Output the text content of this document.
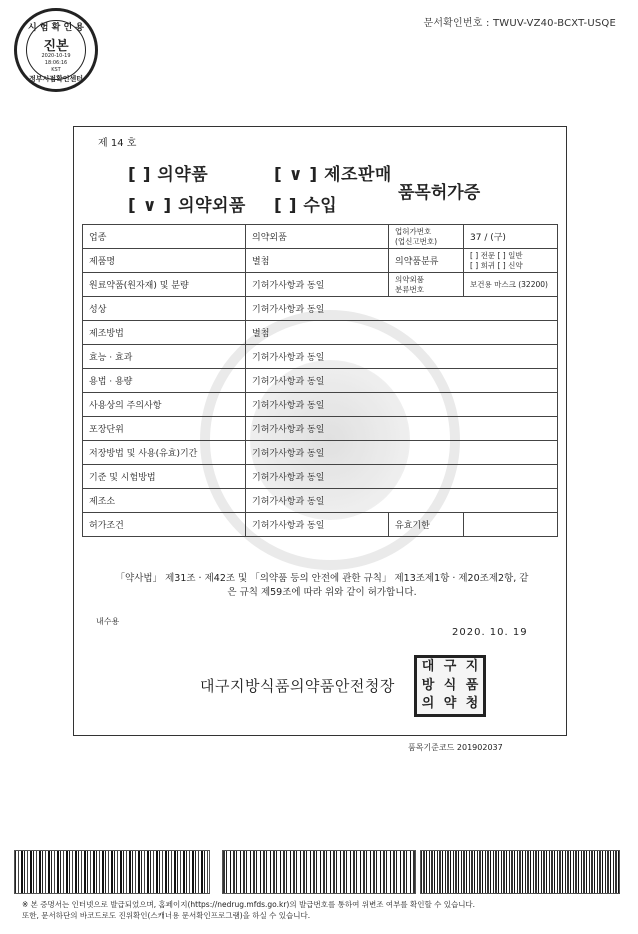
시 험 확 인 용
진본
2020-10-19
18:06:16
KST
정부시점확인센터
문서확인번호 : TWUV-VZ40-BCXT-USQE
제 14 호
[ ] 의약품	[ ∨ ] 제조판매
[ ∨ ] 의약외품 [ ] 수입
품목허가증
업종	의약외품	업허가번호
(업신고번호)	37 / (구)
제품명	별첨	의약품분류	[ ] 전문 [ ] 일반
[ ] 희귀 [ ] 신약

원료약품(원자재) 및 분량	기허가사항과 동일	의약외품
분류번호	보건용 마스크 (32200)
성상	기허가사항과 동일		
제조방법	별첨		
효능 · 효과	기허가사항과 동일		
용법 · 용량	기허가사항과 동일		
사용상의 주의사항	기허가사항과 동일		
포장단위	기허가사항과 동일		
저장방법 및 사용(유효)기간	기허가사항과 동일		
기준 및 시험방법	기허가사항과 동일		
제조소	기허가사항과 동일		
허가조건	기허가사항과 동일	유효기한	
「약사법」 제31조 · 제42조 및 「의약품 등의 안전에 관한 규칙」 제13조제1항 · 제20조제2항, 같은 규칙 제59조에 따라 위와 같이 허가합니다.
내수용
2020. 10. 19
대구지방식품의약품안전청장
대 구 지
방 식 품
의 약 청
품목기준코드 201902037
※ 본 증명서는 인터넷으로 발급되었으며, 홈페이지(https://nedrug.mfds.go.kr)의 발급번호를 통하여 위변조 여부를 확인할 수 있습니다.
또한, 문서하단의 바코드로도 진위확인(스캐너용 문서확인프로그램)을 하실 수 있습니다.
